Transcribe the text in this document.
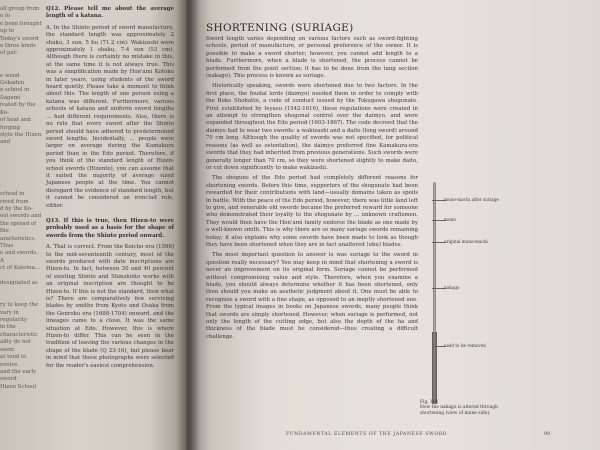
all group from o fo
e been brought up to
Today's sword
e three kinds of pat-

e wood Gokaden
e school in Sagami
ivated by the Ko-
of heat and forging
style the Hizen and

school in
rived from
d by the Ko-
ool swords and
the spread of the
aracteristics. Thus
e and swords. A
ct of Katoma...

designated as

ry to keep the
vary in regularity
in the characteristic
ality do not seem
at tend to evolve
and the early sword
Hizen School

Q12. Please tell me about the average length of a katana.

A. In the Shinto period of sword manufacture, the standard length was approximately 2 shaku, 3 sun, 5 bu (71.2 cm). Wakizashi were approximately 1 shaku, 7-4 sun (53 cm). Although there is certainly no mistake in this, at the same time it is not always true. This was a simplification made by Hon'ami Kotoku in later years, using students of the sword heard quietly. Please take a moment to think about this. The length of one person using a katana was different. Furthermore, various schools of katana and uniform sword lengths ... had different requirements. Also, there is no rule that every sword after the Shinto period should have adhered to predetermined sword lengths. Incidentally, ... people were larger on average during the Kamakura period than in the Edo period. Therefore, if you think of the standard length of Hizen-school swords (Hizento), you can assume that it suited the majority of average sized Japanese people at the time. You cannot disregard the evidence of standard length, but it cannot be considered an ironclad rule, either.

Q13. If this is true, then Hizen-to were probably used as a basis for the shape of swords from the Shinto period onward.

A. That is correct. From the Keicho era (1596) to the mid-seventeenth century, most of the swords produced with date inscriptions are Hizen-to. In fact, between 30 and 40 percent of existing Shinto and Shinshinto works with an original inscription are thought to be Hizen-to. If this is not the standard, then what is? There are comparatively few surviving blades by smiths from Kyoto and Osaka from the Genroku era (1688-1704) onward, and the lineages came to a close. It was the same situation at Edo. However, this is where Hizen-to differ. This can be seen in the tradition of leaving the various changes in the shape of the blade (Q 23-16), but please bear in mind that these photographs were selected for the reader's easiest comprehension.

SHORTENING (SURIAGE)

Sword length varies depending on various factors such as sword-fighting schools, period of manufacture, or personal preference of the owner. It is possible to make a sword shorter; however, you cannot add length to a blade. Furthermore, when a blade is shortened, the process cannot be performed from the point section; it has to be done from the tang section (nakago). This process is known as suriage.

Historically speaking, swords were shortened due to two factors. In the first place, the feudal lords (daimyo) needed them in order to comply with the Buke Shohatto, a code of conduct issued by the Tokugawa shogunate. First established by Ieyasu (1542-1616), these regulations were created in an attempt to strengthen shogunal control over the daimyo, and were expanded throughout the Edo period (1603-1867). The code decreed that the daimyo had to wear two swords: a wakizashi and a daito (long sword) around 70 cm long. Although the quality of swords was not specified, for political reasons (as well as ostentation), the daimyo preferred fine Kamakura-era swords that they had inherited from previous generations. Such swords were generally longer than 70 cm, so they were shortened slightly to make daito, or cut down significantly to make wakizashi.

The shoguns of the Edo period had completely different reasons for shortening swords. Before this time, supporters of the shogunate had been rewarded for their contributions with land—usually domains taken as spoils in battle. With the peace of the Edo period, however, there was little land left to give, and venerable old swords became the preferred reward for someone who demonstrated their loyalty to the shogunate by ... unknown craftsmen. They would then have the Hon'ami family endorse the blade as one made by a well-known smith. This is why there are so many suriage swords remaining today; it also explains why some swords have been made to look as though they have been shortened when they are in fact unaltered (ubu) blades.

The most important question to answer is was suriage to the sword in question really necessary? You may keep in mind that shortening a sword is never an improvement on its original form. Suriage cannot be performed without compromising value and style. Therefore, when you examine a blade, you should always determine whether it has been shortened, only then should you make an aesthetic judgment about it. One must be able to recognize a sword with a fine shape, as opposed to an ineptly shortened one. From the typical images in books on Japanese swords, many people think that swords are simply shortened. However, when suriage is performed, not only the length of the cutting edge, but also the depth of the ha and thickness of the blade must be considered—thus creating a difficult challenge.

mune-machi after suriage
mune
original mune-machi
nakago
used to be removed
Fig. 106
How the nakago is altered through shortening (view of mune side).

FUNDAMENTAL ELEMENTS OF THE JAPANESE SWORD	99
